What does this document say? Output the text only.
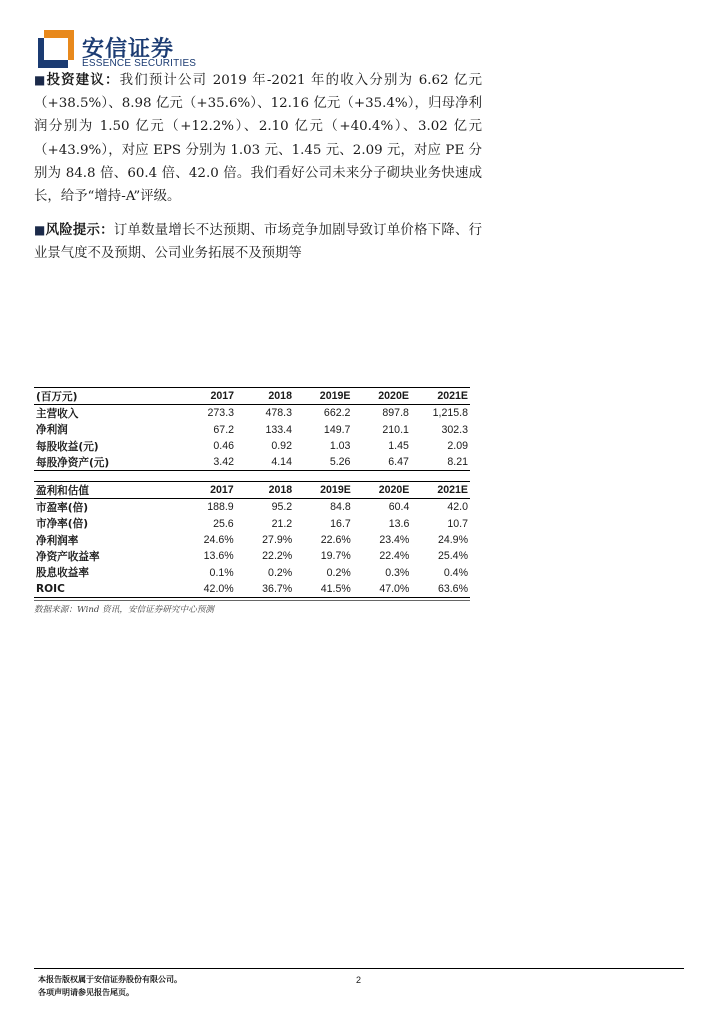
安信证券
ESSENCE SECURITIES
■投资建议：我们预计公司 2019 年-2021 年的收入分别为 6.62 亿元（+38.5%）、8.98 亿元（+35.6%）、12.16 亿元（+35.4%），归母净利润分别为 1.50 亿元（+12.2%）、2.10 亿元（+40.4%）、3.02 亿元（+43.9%），对应 EPS 分别为 1.03 元、1.45 元、2.09 元，对应 PE 分别为 84.8 倍、60.4 倍、42.0 倍。我们看好公司未来分子砌块业务快速成长，给予“增持-A”评级。
■风险提示：订单数量增长不达预期、市场竞争加剧导致订单价格下降、行业景气度不及预期、公司业务拓展不及预期等
(百万元)	2017	2018	2019E	2020E	2021E
主营收入	273.3	478.3	662.2	897.8	1,215.8
净利润	67.2	133.4	149.7	210.1	302.3
每股收益(元)	0.46	0.92	1.03	1.45	2.09
每股净资产(元)	3.42	4.14	5.26	6.47	8.21
盈利和估值	2017	2018	2019E	2020E	2021E
市盈率(倍)	188.9	95.2	84.8	60.4	42.0
市净率(倍)	25.6	21.2	16.7	13.6	10.7
净利润率	24.6%	27.9%	22.6%	23.4%	24.9%
净资产收益率	13.6%	22.2%	19.7%	22.4%	25.4%
股息收益率	0.1%	0.2%	0.2%	0.3%	0.4%
ROIC	42.0%	36.7%	41.5%	47.0%	63.6%
数据来源：Wind 资讯，安信证券研究中心预测
本报告版权属于安信证券股份有限公司。
各项声明请参见报告尾页。
2
